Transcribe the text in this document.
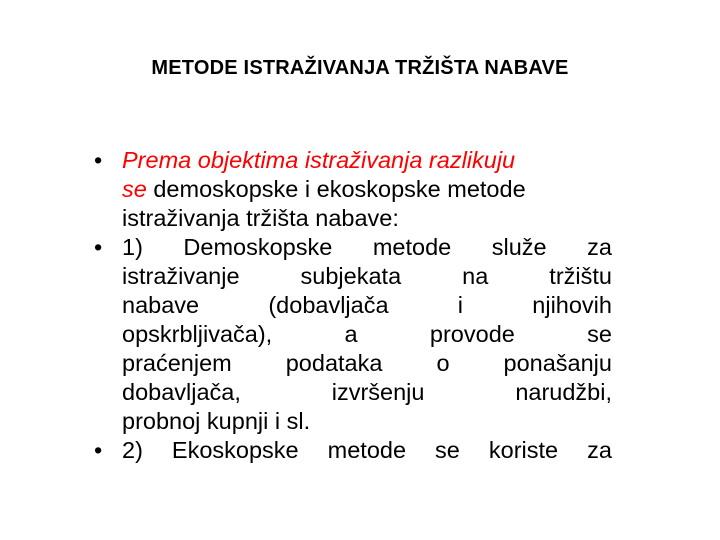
METODE ISTRAŽIVANJA TRŽIŠTA NABAVE
• Prema objektima istraživanja razlikuju
se demoskopske i ekoskopske metode
istraživanja tržišta nabave:
• 1) Demoskopske metode služe za
istraživanje	subjekata	na	tržištu
nabave	(dobavljača	i	njihovih
opskrbljivača),	a	provode	se
praćenjem podataka o ponašanju
dobavljača,	izvršenju	narudžbi,
probnoj kupnji i sl.
• 2) Ekoskopske metode se koriste za
